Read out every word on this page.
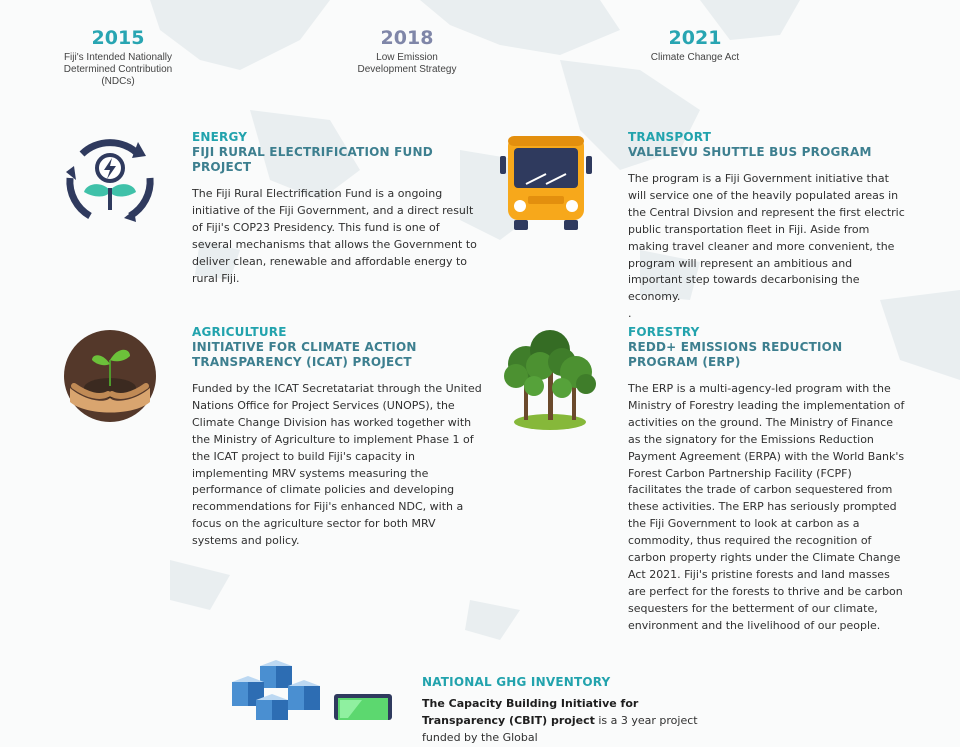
2015
Fiji's Intended Nationally Determined Contribution (NDCs)
2018
Low Emission Development Strategy
2021
Climate Change Act
ENERGY
FIJI RURAL ELECTRIFICATION FUND PROJECT
The Fiji Rural Electrification Fund is a ongoing initiative of the Fiji Government, and a direct result of Fiji's COP23 Presidency. This fund is one of several mechanisms that allows the Government to deliver clean, renewable and affordable energy to rural Fiji.
TRANSPORT
VALELEVU SHUTTLE BUS PROGRAM

The program is a Fiji Government initiative that will service one of the heavily populated areas in the Central Divsion and represent the first electric public transportation fleet in Fiji. Aside from making travel cleaner and more convenient, the program will represent an ambitious and important step towards decarbonising the economy.

.

AGRICULTURE
INITIATIVE FOR CLIMATE ACTION TRANSPARENCY (ICAT) PROJECT
Funded by the ICAT Secretatariat through the United Nations Office for Project Services (UNOPS), the Climate Change Division has worked together with the Ministry of Agriculture to implement Phase 1 of the ICAT project to build Fiji's capacity in implementing MRV systems measuring the performance of climate policies and developing recommendations for Fiji's enhanced NDC, with a focus on the agriculture sector for both MRV systems and policy.
FORESTRY
REDD+ EMISSIONS REDUCTION PROGRAM (ERP)
The ERP is a multi-agency-led program with the Ministry of Forestry leading the implementation of activities on the ground. The Ministry of Finance as the signatory for the Emissions Reduction Payment Agreement (ERPA) with the World Bank's Forest Carbon Partnership Facility (FCPF) facilitates the trade of carbon sequestered from these activities. The ERP has seriously prompted the Fiji Government to look at carbon as a commodity, thus required the recognition of carbon property rights under the Climate Change Act 2021. Fiji's pristine forests and land masses are perfect for the forests to thrive and be carbon sequesters for the betterment of our climate, environment and the livelihood of our people.
NATIONAL GHG INVENTORY
The Capacity Building Initiative for Transparency (CBIT) project is a 3 year project funded by the Global
